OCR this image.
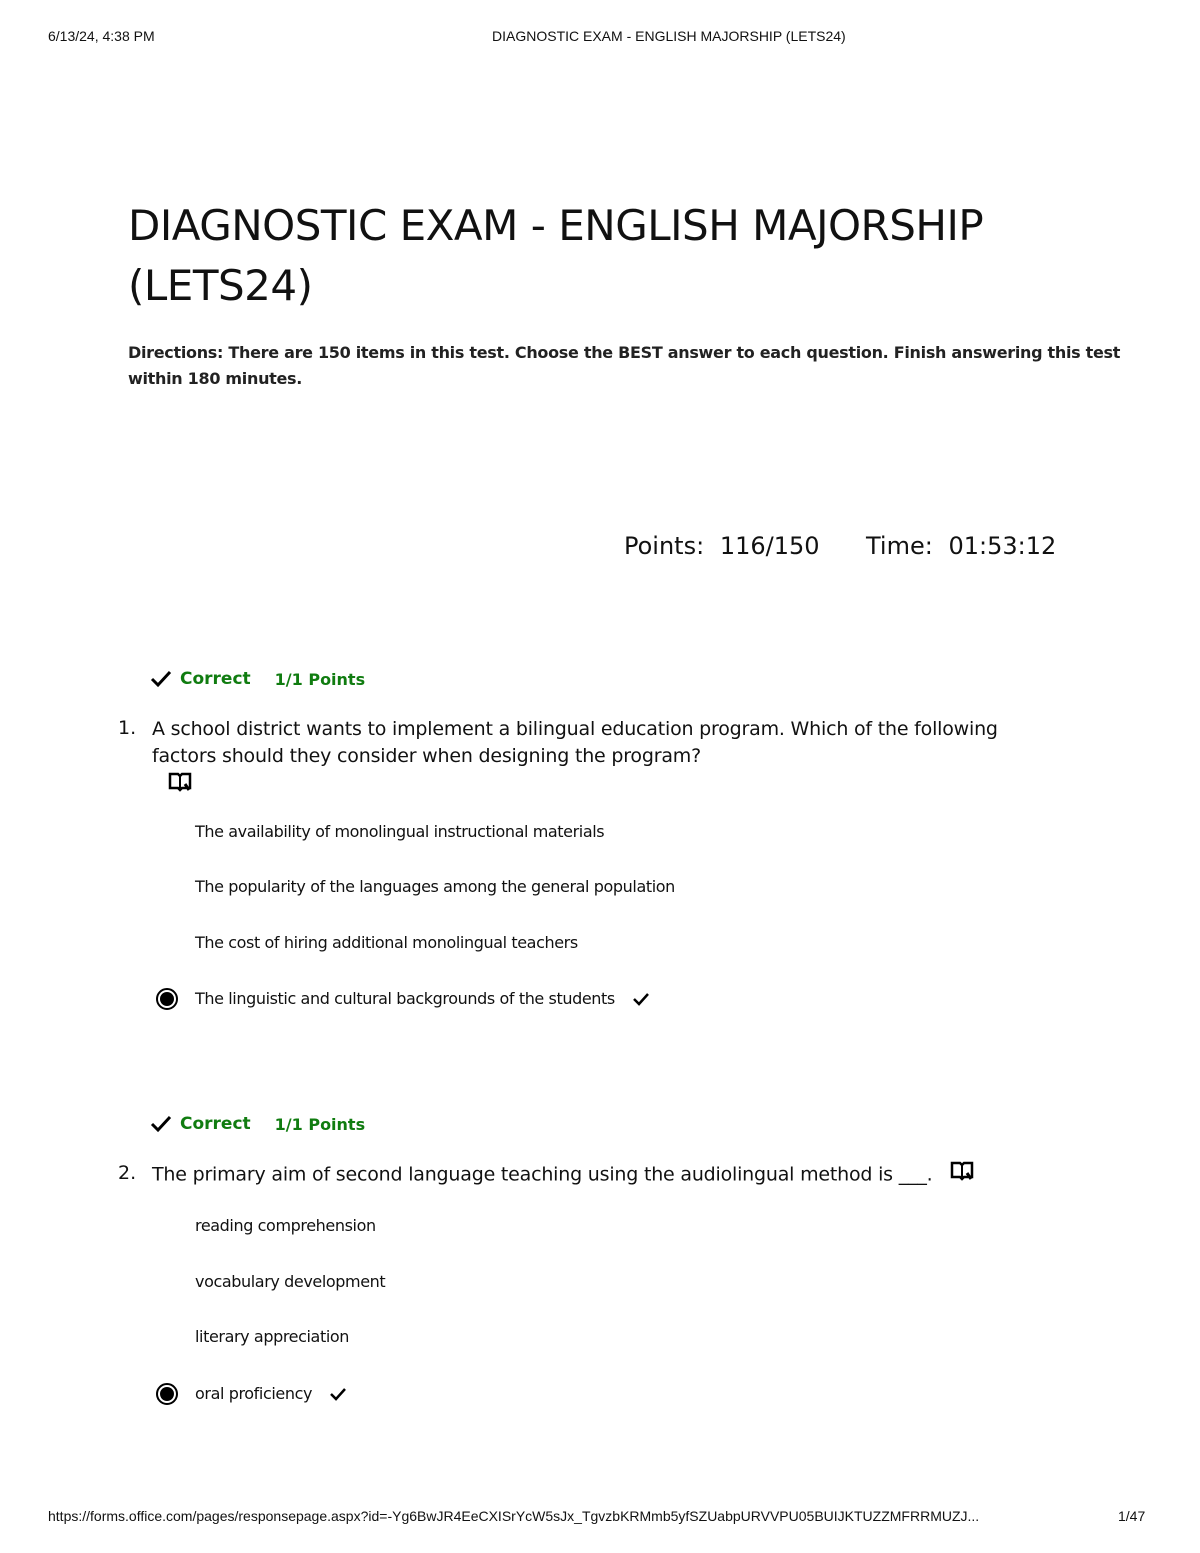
6/13/24, 4:38 PM	DIAGNOSTIC EXAM - ENGLISH MAJORSHIP (LETS24)
DIAGNOSTIC EXAM - ENGLISH MAJORSHIP
(LETS24)
Directions: There are 150 items in this test. Choose the BEST answer to each question. Finish answering this test within 180 minutes.
Points: 116/150 Time: 01:53:12
Correct 1/1 Points
1. A school district wants to implement a bilingual education program. Which of the following factors should they consider when designing the program?
The availability of monolingual instructional materials
The popularity of the languages among the general population
The cost of hiring additional monolingual teachers
The linguistic and cultural backgrounds of the students
Correct 1/1 Points
2. The primary aim of second language teaching using the audiolingual method is ___.
reading comprehension
vocabulary development
literary appreciation
oral proficiency
https://forms.office.com/pages/responsepage.aspx?id=-Yg6BwJR4EeCXISrYcW5sJx_TgvzbKRMmb5yfSZUabpURVVPU05BUIJKTUZZMFRRMUZJ...	1/47
